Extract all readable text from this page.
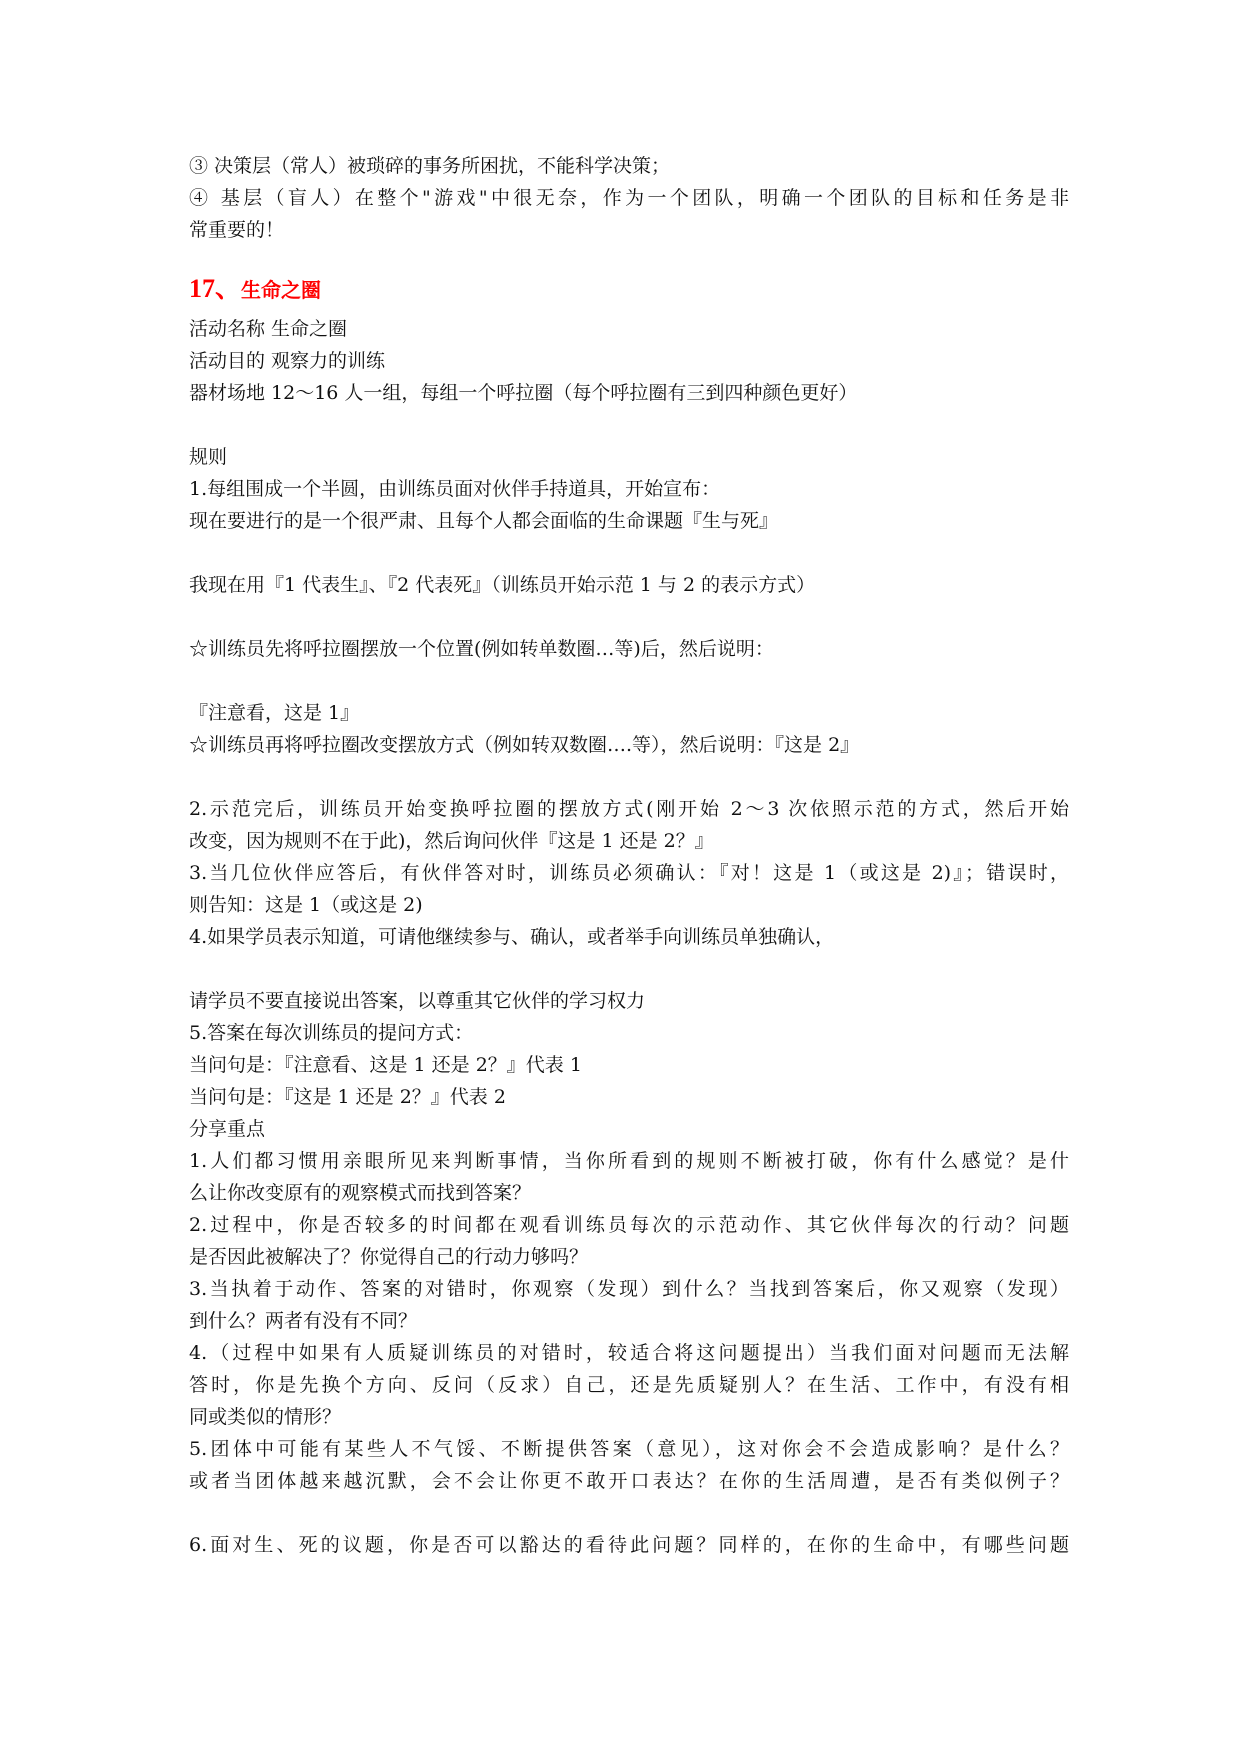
③ 决策层（常人）被琐碎的事务所困扰，不能科学决策；
④ 基层（盲人）在整个"游戏"中很无奈，作为一个团队，明确一个团队的目标和任务是非
常重要的！
17、生命之圈
活动名称 生命之圈
活动目的 观察力的训练
器材场地 12～16 人一组，每组一个呼拉圈（每个呼拉圈有三到四种颜色更好）
规则
1.每组围成一个半圆，由训练员面对伙伴手持道具，开始宣布：
现在要进行的是一个很严肃、且每个人都会面临的生命课题『生与死』
我现在用『1 代表生』、『2 代表死』（训练员开始示范 1 与 2 的表示方式）
☆训练员先将呼拉圈摆放一个位置(例如转单数圈…等)后，然后说明：
『注意看，这是 1』
☆训练员再将呼拉圈改变摆放方式（例如转双数圈….等），然后说明：『这是 2』
2.示范完后，训练员开始变换呼拉圈的摆放方式(刚开始 2～3 次依照示范的方式，然后开始
改变，因为规则不在于此)，然后询问伙伴『这是 1 还是 2？』
3.当几位伙伴应答后，有伙伴答对时，训练员必须确认：『对！这是 1（或这是 2)』；错误时，
则告知：这是 1（或这是 2)
4.如果学员表示知道，可请他继续参与、确认，或者举手向训练员单独确认，
请学员不要直接说出答案，以尊重其它伙伴的学习权力
5.答案在每次训练员的提问方式：
当问句是：『注意看、这是 1 还是 2？』代表 1
当问句是：『这是 1 还是 2？』代表 2
分享重点
1.人们都习惯用亲眼所见来判断事情，当你所看到的规则不断被打破，你有什么感觉？是什
么让你改变原有的观察模式而找到答案？
2.过程中，你是否较多的时间都在观看训练员每次的示范动作、其它伙伴每次的行动？问题
是否因此被解决了？你觉得自己的行动力够吗？
3.当执着于动作、答案的对错时，你观察（发现）到什么？当找到答案后，你又观察（发现）
到什么？两者有没有不同？
4.（过程中如果有人质疑训练员的对错时，较适合将这问题提出）当我们面对问题而无法解
答时，你是先换个方向、反问（反求）自己，还是先质疑别人？在生活、工作中，有没有相
同或类似的情形？
5.团体中可能有某些人不气馁、不断提供答案（意见），这对你会不会造成影响？是什么？
或者当团体越来越沉默，会不会让你更不敢开口表达？在你的生活周遭，是否有类似例子？
6.面对生、死的议题，你是否可以豁达的看待此问题？同样的，在你的生命中，有哪些问题
